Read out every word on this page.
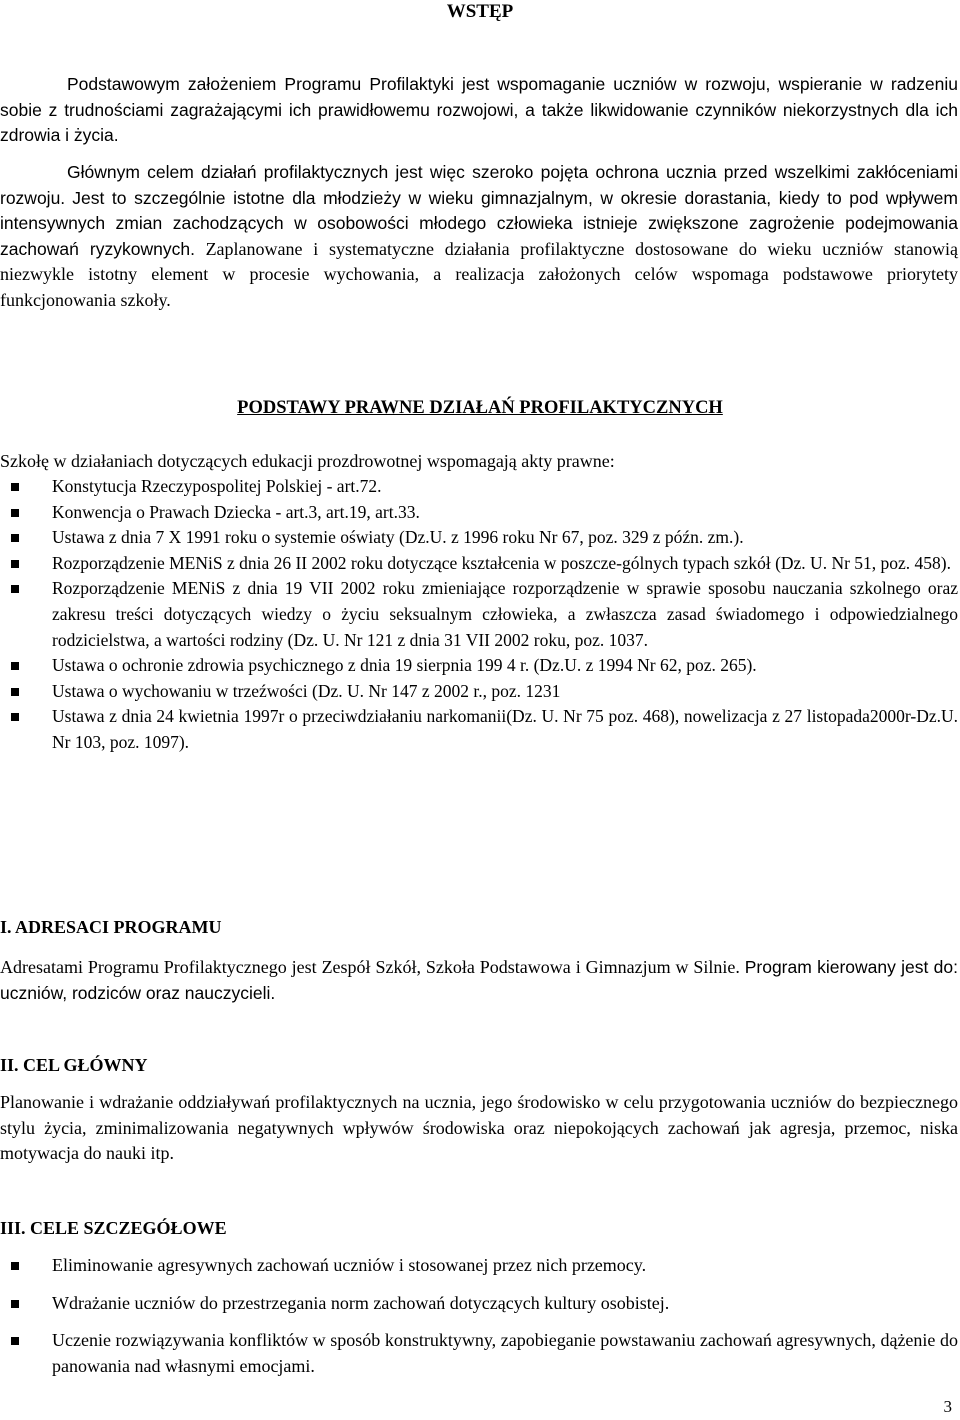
WSTĘP

Podstawowym założeniem Programu Profilaktyki jest wspomaganie uczniów w rozwoju, wspieranie w radzeniu sobie z trudnościami zagrażającymi ich prawidłowemu rozwojowi, a także likwidowanie czynników niekorzystnych dla ich zdrowia i życia.

Głównym celem działań profilaktycznych jest więc szeroko pojęta ochrona ucznia przed wszelkimi zakłóceniami rozwoju. Jest to szczególnie istotne dla młodzieży w wieku gimnazjalnym, w okresie dorastania, kiedy to pod wpływem intensywnych zmian zachodzących w osobowości młodego człowieka istnieje zwiększone zagrożenie podejmowania zachowań ryzykownych. Zaplanowane i systematyczne działania profilaktyczne dostosowane do wieku uczniów stanowią niezwykle istotny element w procesie wychowania, a realizacja założonych celów wspomaga podstawowe priorytety funkcjonowania szkoły.

PODSTAWY PRAWNE DZIAŁAŃ PROFILAKTYCZNYCH

Szkołę w działaniach dotyczących edukacji prozdrowotnej wspomagają akty prawne:

Konstytucja Rzeczypospolitej Polskiej - art.72.
Konwencja o Prawach Dziecka - art.3, art.19, art.33.
Ustawa z dnia 7 X 1991 roku o systemie oświaty (Dz.U. z 1996 roku Nr 67, poz. 329 z późn. zm.).
Rozporządzenie MENiS z dnia 26 II 2002 roku dotyczące kształcenia w poszcze-gólnych typach szkół (Dz. U. Nr 51, poz. 458).
Rozporządzenie MENiS z dnia 19 VII 2002 roku zmieniające rozporządzenie w sprawie sposobu nauczania szkolnego oraz zakresu treści dotyczących wiedzy o życiu seksualnym człowieka, a zwłaszcza zasad świadomego i odpowiedzialnego rodzicielstwa, a wartości rodziny (Dz. U. Nr 121 z dnia 31 VII 2002 roku, poz. 1037.
Ustawa o ochronie zdrowia psychicznego z dnia 19 sierpnia 199 4 r. (Dz.U. z 1994 Nr 62, poz. 265).
Ustawa o wychowaniu w trzeźwości (Dz. U. Nr 147 z 2002 r., poz. 1231
Ustawa z dnia 24 kwietnia 1997r o przeciwdziałaniu narkomanii(Dz. U. Nr 75 poz. 468), nowelizacja z 27 listopada2000r-Dz.U. Nr 103, poz. 1097).
I. ADRESACI PROGRAMU

Adresatami Programu Profilaktycznego jest Zespół Szkół, Szkoła Podstawowa i Gimnazjum w Silnie. Program kierowany jest do: uczniów, rodziców oraz nauczycieli.

II. CEL GŁÓWNY

Planowanie i wdrażanie oddziaływań profilaktycznych na ucznia, jego środowisko w celu przygotowania uczniów do bezpiecznego stylu życia, zminimalizowania negatywnych wpływów środowiska oraz niepokojących zachowań jak agresja, przemoc, niska motywacja do nauki itp.

III. CELE SZCZEGÓŁOWE
Eliminowanie agresywnych zachowań uczniów i stosowanej przez nich przemocy.
Wdrażanie uczniów do przestrzegania norm zachowań dotyczących kultury osobistej.
Uczenie rozwiązywania konfliktów w sposób konstruktywny, zapobieganie powstawaniu zachowań agresywnych, dążenie do panowania nad własnymi emocjami.
3
